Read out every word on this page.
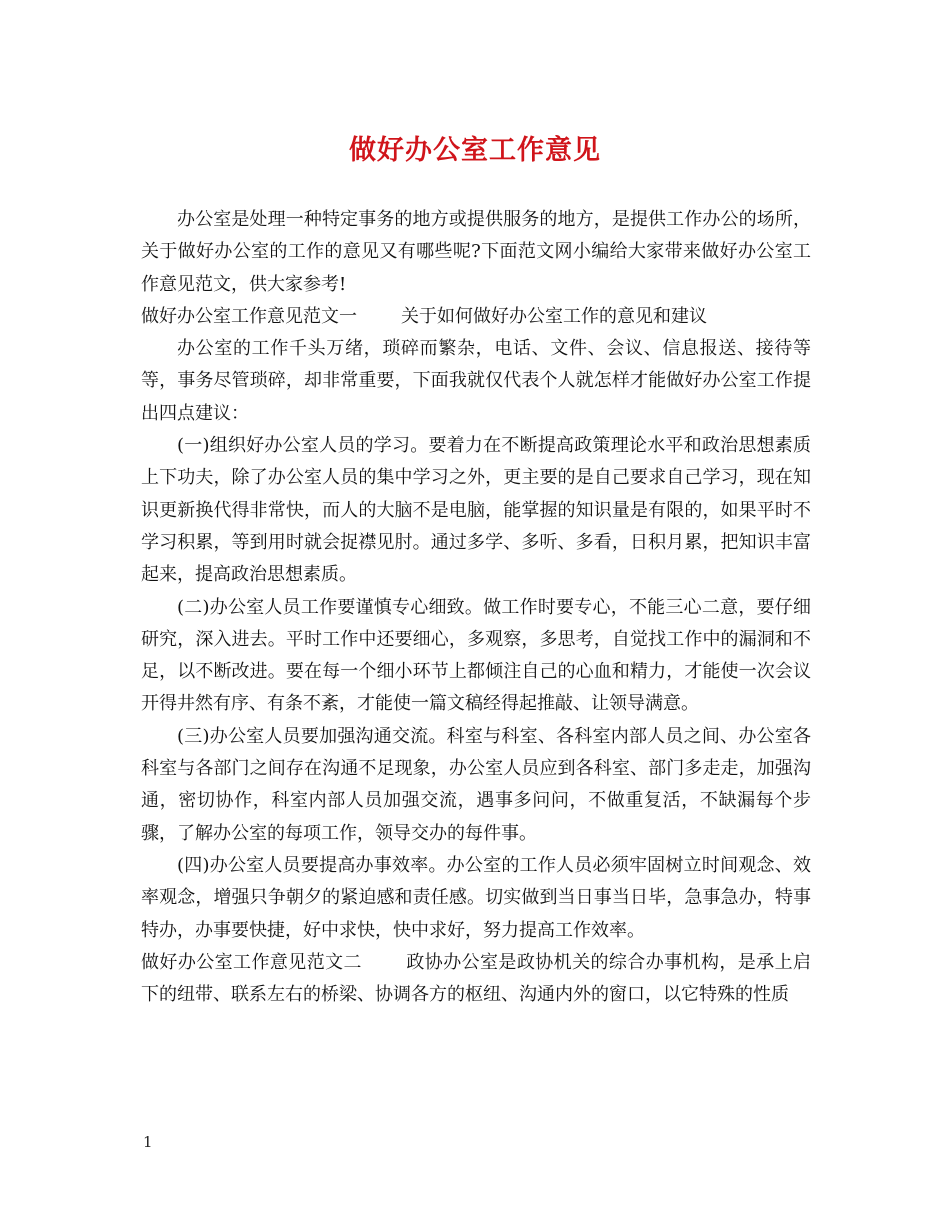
做好办公室工作意见

办公室是处理一种特定事务的地方或提供服务的地方，是提供工作办公的场所，关于做好办公室的工作的意见又有哪些呢?下面范文网小编给大家带来做好办公室工作意见范文，供大家参考!

做好办公室工作意见范文一 关于如何做好办公室工作的意见和建议

办公室的工作千头万绪，琐碎而繁杂，电话、文件、会议、信息报送、接待等等，事务尽管琐碎，却非常重要，下面我就仅代表个人就怎样才能做好办公室工作提出四点建议：

(一)组织好办公室人员的学习。要着力在不断提高政策理论水平和政治思想素质上下功夫，除了办公室人员的集中学习之外，更主要的是自己要求自己学习，现在知识更新换代得非常快，而人的大脑不是电脑，能掌握的知识量是有限的，如果平时不学习积累，等到用时就会捉襟见肘。通过多学、多听、多看，日积月累，把知识丰富起来，提高政治思想素质。

(二)办公室人员工作要谨慎专心细致。做工作时要专心，不能三心二意，要仔细研究，深入进去。平时工作中还要细心，多观察，多思考，自觉找工作中的漏洞和不足，以不断改进。要在每一个细小环节上都倾注自己的心血和精力，才能使一次会议开得井然有序、有条不紊，才能使一篇文稿经得起推敲、让领导满意。

(三)办公室人员要加强沟通交流。科室与科室、各科室内部人员之间、办公室各科室与各部门之间存在沟通不足现象，办公室人员应到各科室、部门多走走，加强沟通，密切协作，科室内部人员加强交流，遇事多问问，不做重复活，不缺漏每个步骤，了解办公室的每项工作，领导交办的每件事。

(四)办公室人员要提高办事效率。办公室的工作人员必须牢固树立时间观念、效率观念，增强只争朝夕的紧迫感和责任感。切实做到当日事当日毕，急事急办，特事特办，办事要快捷，好中求快，快中求好，努力提高工作效率。

做好办公室工作意见范文二 政协办公室是政协机关的综合办事机构，是承上启下的纽带、联系左右的桥梁、协调各方的枢纽、沟通内外的窗口，以它特殊的性质

1
